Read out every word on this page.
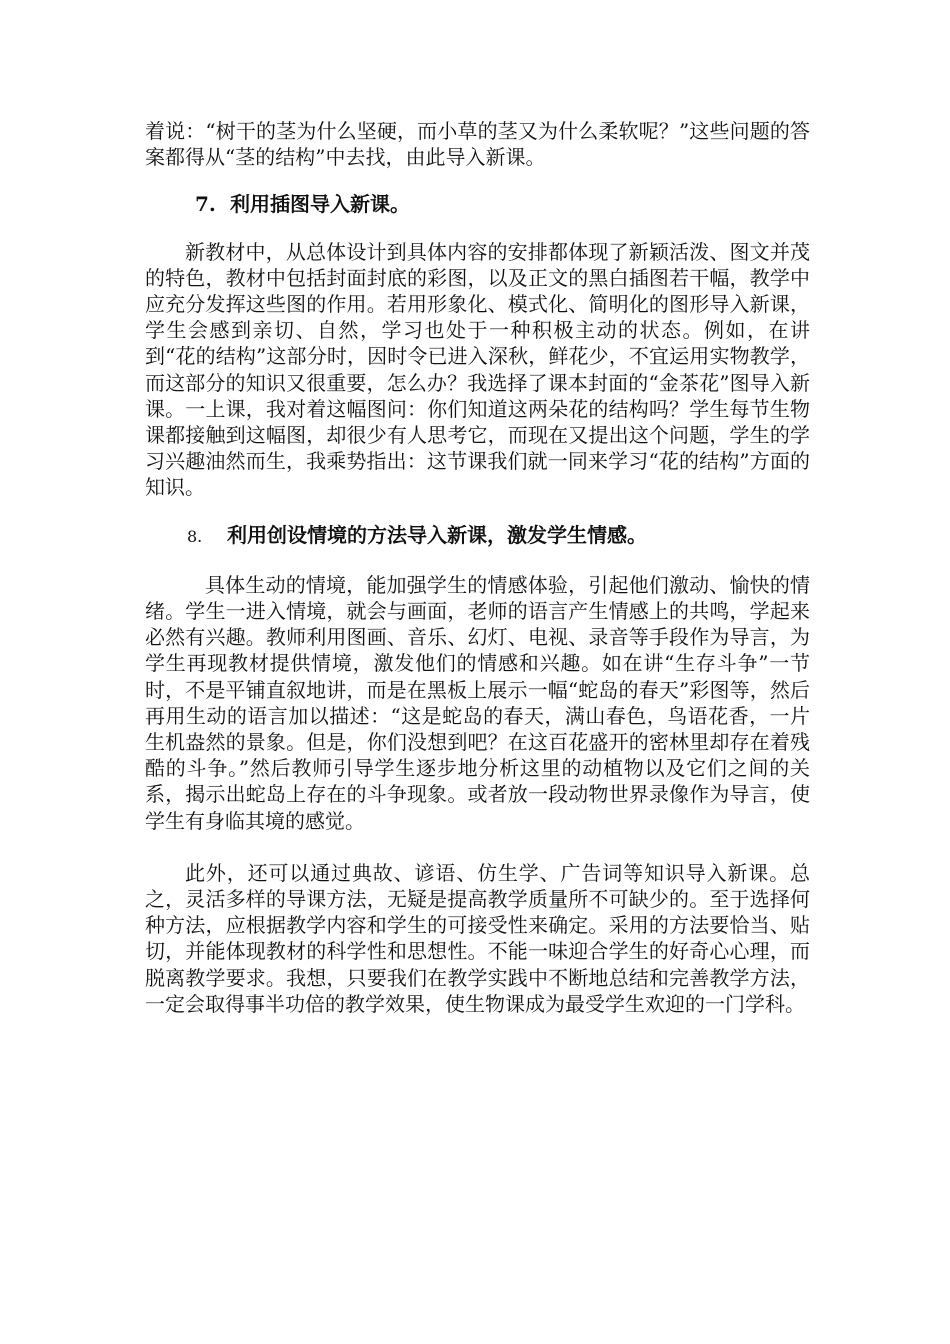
着说：“树干的茎为什么坚硬，而小草的茎又为什么柔软呢？”这些问题的答案都得从“茎的结构”中去找，由此导入新课。

7. 利用插图导入新课。

新教材中，从总体设计到具体内容的安排都体现了新颖活泼、图文并茂的特色，教材中包括封面封底的彩图，以及正文的黑白插图若干幅，教学中应充分发挥这些图的作用。若用形象化、模式化、简明化的图形导入新课，学生会感到亲切、自然，学习也处于一种积极主动的状态。例如，在讲到“花的结构”这部分时，因时令已进入深秋，鲜花少，不宜运用实物教学，而这部分的知识又很重要，怎么办？我选择了课本封面的“金茶花”图导入新课。一上课，我对着这幅图问：你们知道这两朵花的结构吗？学生每节生物课都接触到这幅图，却很少有人思考它，而现在又提出这个问题，学生的学习兴趣油然而生，我乘势指出：这节课我们就一同来学习“花的结构”方面的知识。

8. 利用创设情境的方法导入新课，激发学生情感。

具体生动的情境，能加强学生的情感体验，引起他们激动、愉快的情绪。学生一进入情境，就会与画面，老师的语言产生情感上的共鸣，学起来必然有兴趣。教师利用图画、音乐、幻灯、电视、录音等手段作为导言，为学生再现教材提供情境，激发他们的情感和兴趣。如在讲“生存斗争”一节时，不是平铺直叙地讲，而是在黑板上展示一幅“蛇岛的春天”彩图等，然后再用生动的语言加以描述：“这是蛇岛的春天，满山春色，鸟语花香，一片生机盎然的景象。但是，你们没想到吧？在这百花盛开的密林里却存在着残酷的斗争。”然后教师引导学生逐步地分析这里的动植物以及它们之间的关系，揭示出蛇岛上存在的斗争现象。或者放一段动物世界录像作为导言，使学生有身临其境的感觉。

此外，还可以通过典故、谚语、仿生学、广告词等知识导入新课。总之，灵活多样的导课方法，无疑是提高教学质量所不可缺少的。至于选择何种方法，应根据教学内容和学生的可接受性来确定。采用的方法要恰当、贴切，并能体现教材的科学性和思想性。不能一味迎合学生的好奇心心理，而脱离教学要求。我想，只要我们在教学实践中不断地总结和完善教学方法，一定会取得事半功倍的教学效果，使生物课成为最受学生欢迎的一门学科。
